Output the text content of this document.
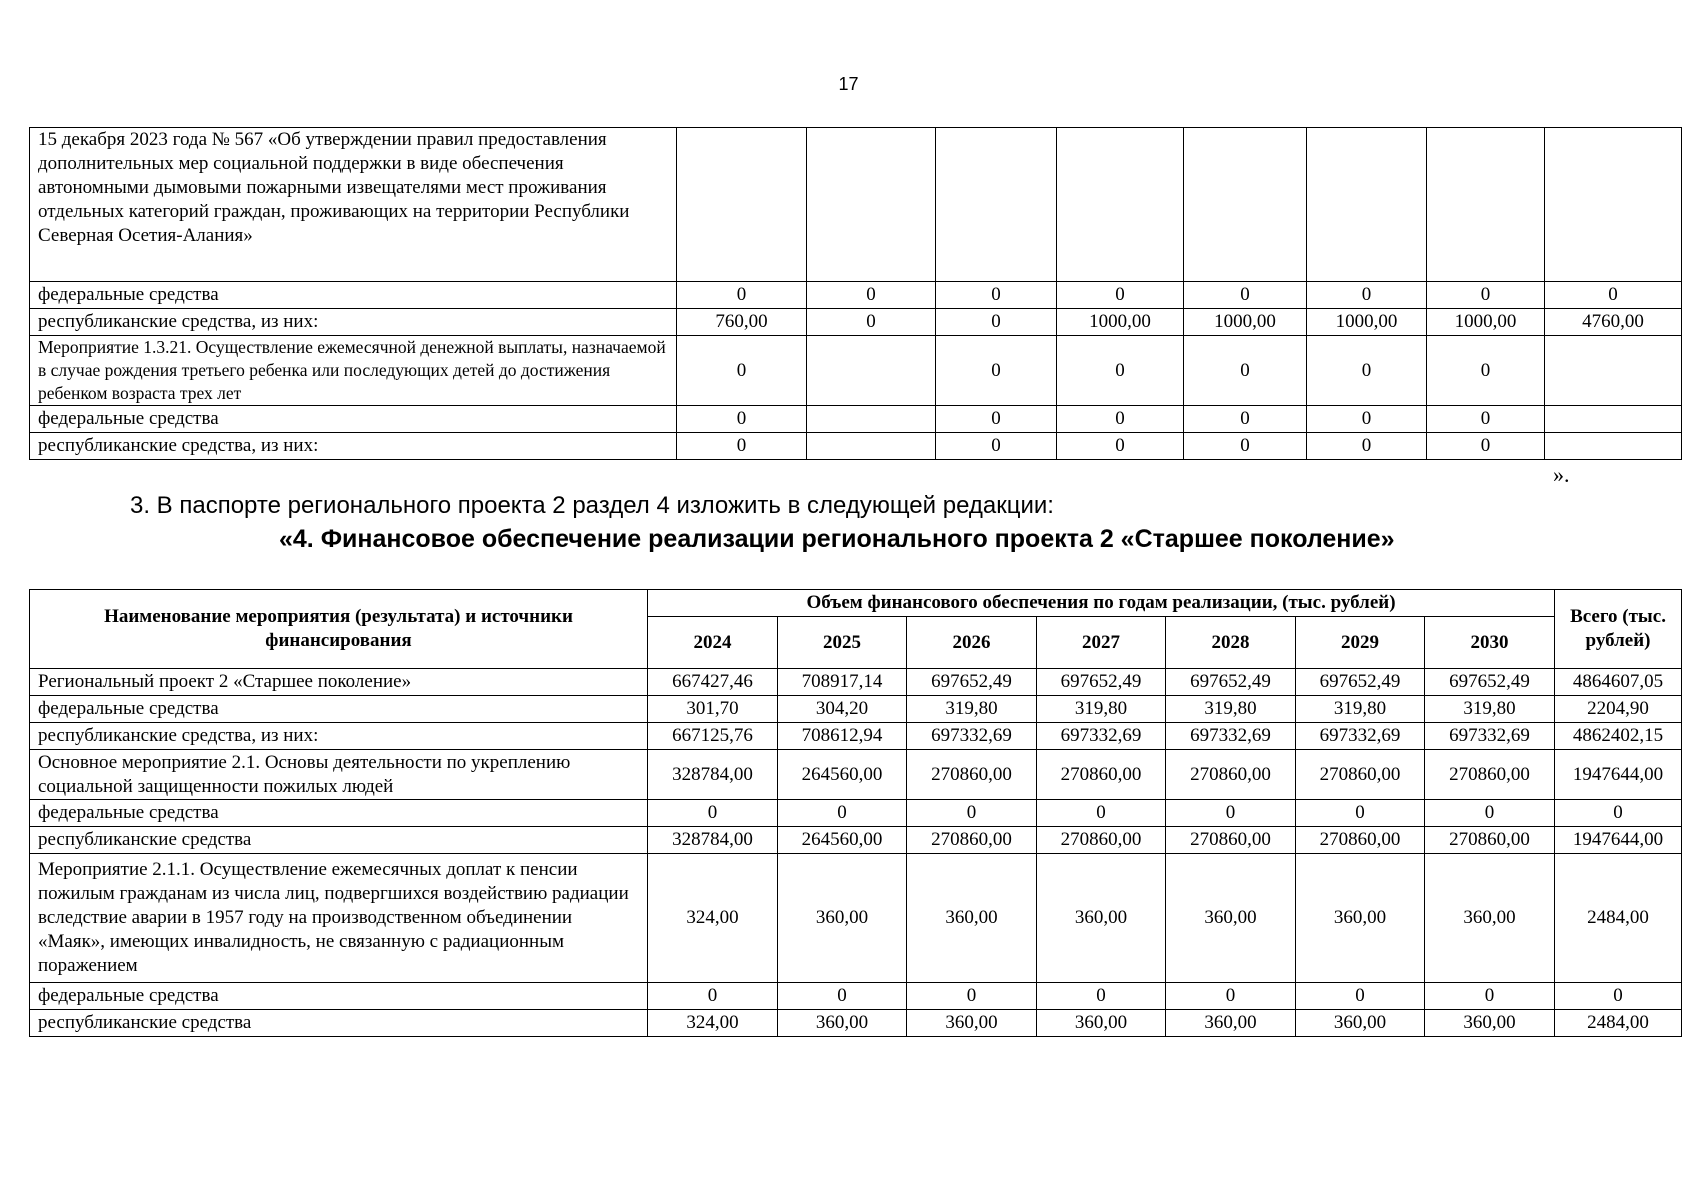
17
15 декабря 2023 года № 567 «Об утверждении правил предоставления дополнительных мер социальной поддержки в виде обеспечения автономными дымовыми пожарными извещателями мест проживания отдельных категорий граждан, проживающих на территории Республики Северная Осетия-Алания»								
федеральные средства	0	0	0	0	0	0	0	0
республиканские средства, из них:	760,00	0	0	1000,00	1000,00	1000,00	1000,00	4760,00
Мероприятие 1.3.21. Осуществление ежемесячной денежной выплаты, назначаемой в случае рождения третьего ребенка или последующих детей до достижения ребенком возраста трех лет	0		0	0	0	0	0	
федеральные средства	0		0	0	0	0	0	
республиканские средства, из них:	0		0	0	0	0	0	
».
3. В паспорте регионального проекта 2 раздел 4 изложить в следующей редакции:
«4. Финансовое обеспечение реализации регионального проекта 2 «Старшее поколение»
Наименование мероприятия (результата) и источники финансирования	Объем финансового обеспечения по годам реализации, (тыс. рублей)							Всего (тыс. рублей)
	2024	2025	2026	2027	2028	2029	2030	
Региональный проект 2 «Старшее поколение»	667427,46	708917,14	697652,49	697652,49	697652,49	697652,49	697652,49	4864607,05
федеральные средства	301,70	304,20	319,80	319,80	319,80	319,80	319,80	2204,90
республиканские средства, из них:	667125,76	708612,94	697332,69	697332,69	697332,69	697332,69	697332,69	4862402,15
Основное мероприятие 2.1. Основы деятельности по укреплению социальной защищенности пожилых людей	328784,00	264560,00	270860,00	270860,00	270860,00	270860,00	270860,00	1947644,00
федеральные средства	0	0	0	0	0	0	0	0
республиканские средства	328784,00	264560,00	270860,00	270860,00	270860,00	270860,00	270860,00	1947644,00
Мероприятие 2.1.1. Осуществление ежемесячных доплат к пенсии пожилым гражданам из числа лиц, подвергшихся воздействию радиации вследствие аварии в 1957 году на производственном объединении «Маяк», имеющих инвалидность, не связанную с радиационным поражением	324,00	360,00	360,00	360,00	360,00	360,00	360,00	2484,00
федеральные средства	0	0	0	0	0	0	0	0
республиканские средства	324,00	360,00	360,00	360,00	360,00	360,00	360,00	2484,00
